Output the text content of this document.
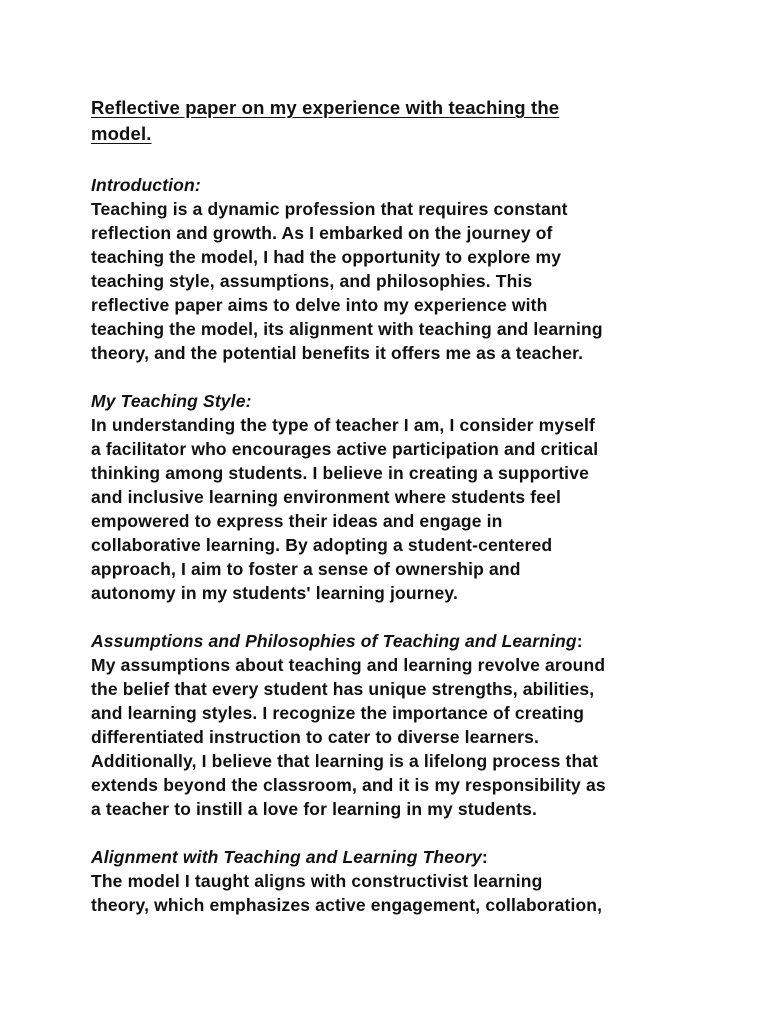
Reflective paper on my experience with teaching the
model.

Introduction:

Teaching is a dynamic profession that requires constant
reflection and growth. As I embarked on the journey of
teaching the model, I had the opportunity to explore my
teaching style, assumptions, and philosophies. This
reflective paper aims to delve into my experience with
teaching the model, its alignment with teaching and learning
theory, and the potential benefits it offers me as a teacher.

My Teaching Style:

In understanding the type of teacher I am, I consider myself
a facilitator who encourages active participation and critical
thinking among students. I believe in creating a supportive
and inclusive learning environment where students feel
empowered to express their ideas and engage in
collaborative learning. By adopting a student-centered
approach, I aim to foster a sense of ownership and
autonomy in my students' learning journey.

Assumptions and Philosophies of Teaching and Learning:

My assumptions about teaching and learning revolve around
the belief that every student has unique strengths, abilities,
and learning styles. I recognize the importance of creating
differentiated instruction to cater to diverse learners.
Additionally, I believe that learning is a lifelong process that
extends beyond the classroom, and it is my responsibility as
a teacher to instill a love for learning in my students.

Alignment with Teaching and Learning Theory:

The model I taught aligns with constructivist learning
theory, which emphasizes active engagement, collaboration,
